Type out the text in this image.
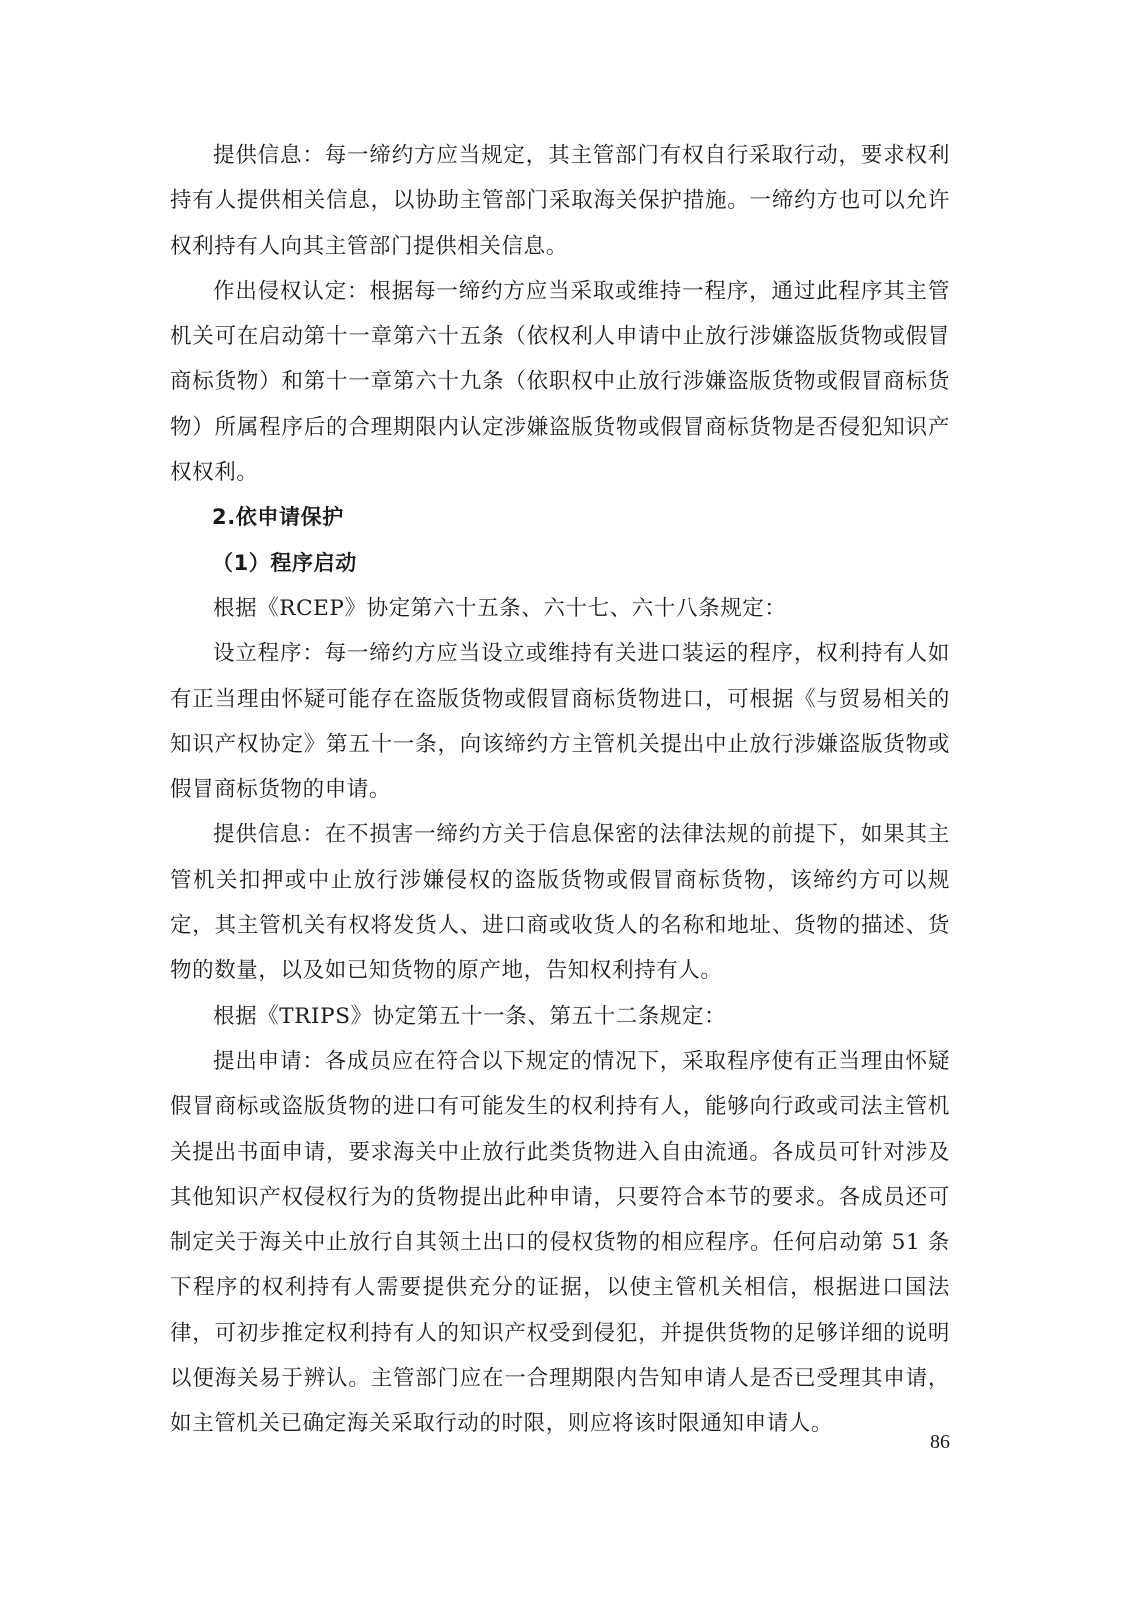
提供信息：每一缔约方应当规定，其主管部门有权自行采取行动，要求权利持有人提供相关信息，以协助主管部门采取海关保护措施。一缔约方也可以允许权利持有人向其主管部门提供相关信息。

作出侵权认定：根据每一缔约方应当采取或维持一程序，通过此程序其主管机关可在启动第十一章第六十五条（依权利人申请中止放行涉嫌盗版货物或假冒商标货物）和第十一章第六十九条（依职权中止放行涉嫌盗版货物或假冒商标货物）所属程序后的合理期限内认定涉嫌盗版货物或假冒商标货物是否侵犯知识产权权利。

2.依申请保护

（1）程序启动

根据《RCEP》协定第六十五条、六十七、六十八条规定：

设立程序：每一缔约方应当设立或维持有关进口装运的程序，权利持有人如有正当理由怀疑可能存在盗版货物或假冒商标货物进口，可根据《与贸易相关的知识产权协定》第五十一条，向该缔约方主管机关提出中止放行涉嫌盗版货物或假冒商标货物的申请。

提供信息：在不损害一缔约方关于信息保密的法律法规的前提下，如果其主管机关扣押或中止放行涉嫌侵权的盗版货物或假冒商标货物，该缔约方可以规定，其主管机关有权将发货人、进口商或收货人的名称和地址、货物的描述、货物的数量，以及如已知货物的原产地，告知权利持有人。

根据《TRIPS》协定第五十一条、第五十二条规定：

提出申请：各成员应在符合以下规定的情况下，采取程序使有正当理由怀疑假冒商标或盗版货物的进口有可能发生的权利持有人，能够向行政或司法主管机关提出书面申请，要求海关中止放行此类货物进入自由流通。各成员可针对涉及其他知识产权侵权行为的货物提出此种申请，只要符合本节的要求。各成员还可制定关于海关中止放行自其领土出口的侵权货物的相应程序。任何启动第 51 条下程序的权利持有人需要提供充分的证据，以使主管机关相信，根据进口国法律，可初步推定权利持有人的知识产权受到侵犯，并提供货物的足够详细的说明以便海关易于辨认。主管部门应在一合理期限内告知申请人是否已受理其申请，如主管机关已确定海关采取行动的时限，则应将该时限通知申请人。

86
